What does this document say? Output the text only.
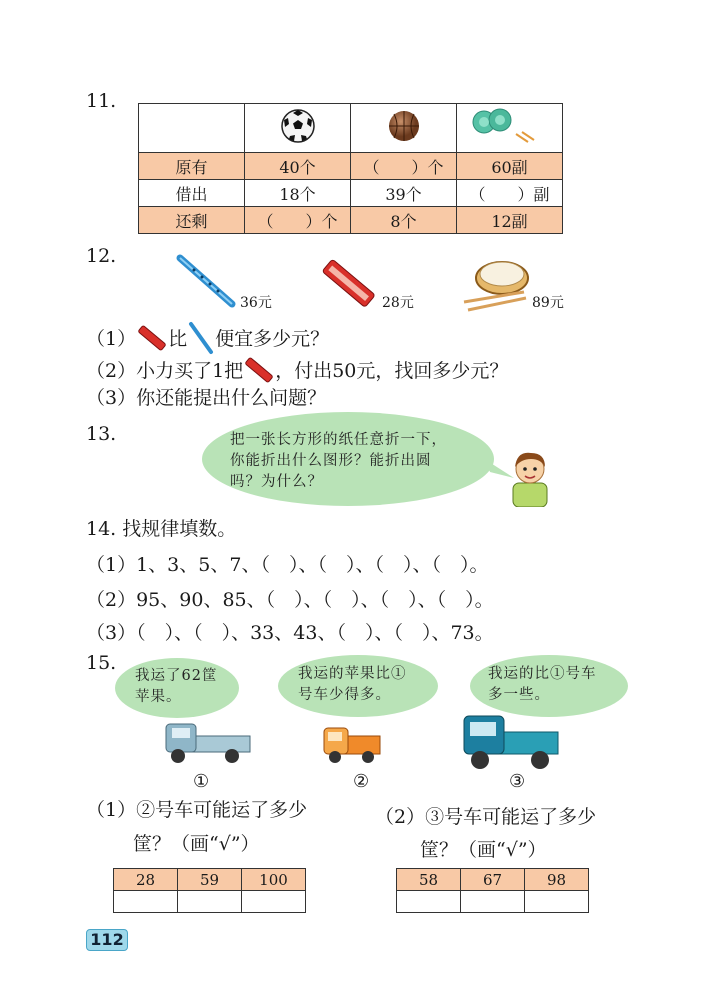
11.

原有	40个	（　　）个	60副
借出	18个	39个	（　　）副
还剩	（　　）个	8个	12副
12.
36元	28元	89元
（1） 比 便宜多少元？
（2）小力买了1把 ，付出50元，找回多少元？
（3）你还能提出什么问题？
13.	把一张长方形的纸任意折一下，
你能折出什么图形？能折出圆
吗？为什么？
14. 找规律填数。
（1）1、3、5、7、（　）、（　）、（　）、（　）。
（2）95、90、85、（　）、（　）、（　）、（　）。
（3）（　）、（　）、33、43、（　）、（　）、73。
15.
我运了62筐
苹果。
我运的苹果比①
号车少得多。
我运的比①号车
多一些。
①	②	③
（1）②号车可能运了多少
筐？（画“√”）
（2）③号车可能运了多少
筐？（画“√”）
28	59	100
			58	67	98

112
